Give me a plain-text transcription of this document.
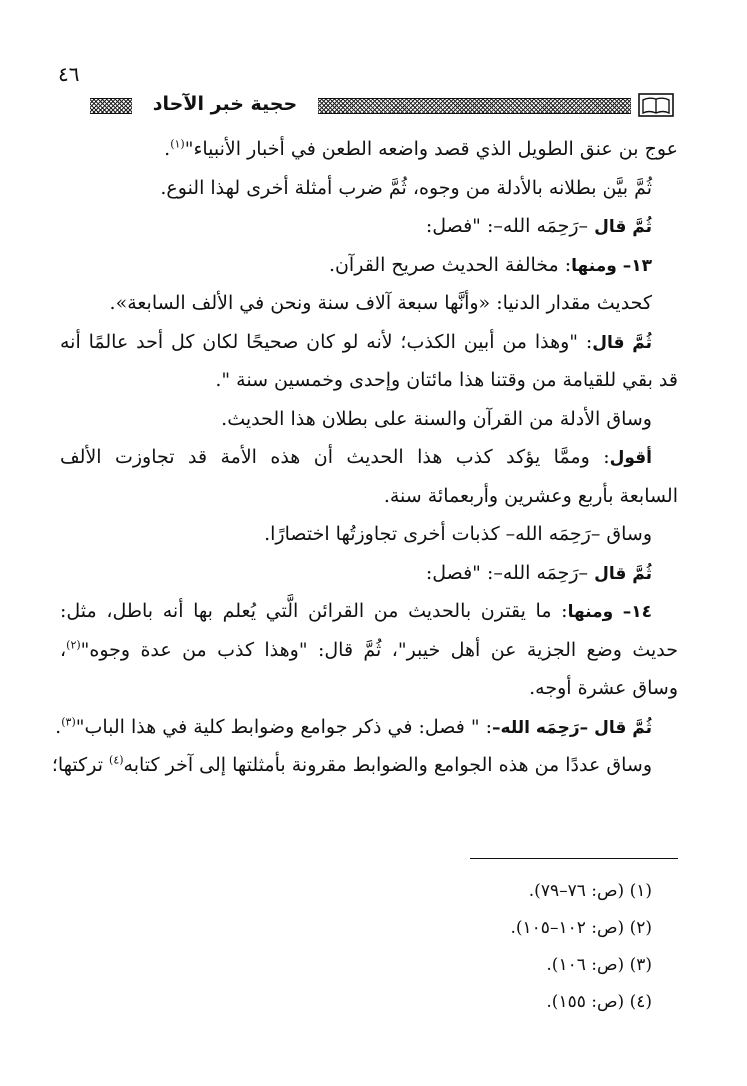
٤٦
حجية خبر الآحاد
عوج بن عنق الطويل الذي قصد واضعه الطعن في أخبار الأنبياء"$^{(١)}$.
ثُمَّ بيَّن بطلانه بالأدلة من وجوه، ثُمَّ ضرب أمثلة أخرى لهذا النوع.
ثُمَّ قال –رَحِمَه الله–: "فصل:
١٣– ومنها: مخالفة الحديث صريح القرآن.
كحديث مقدار الدنيا: «وأنَّها سبعة آلاف سنة ونحن في الألف السابعة».
ثُمَّ قال: "وهذا من أبين الكذب؛ لأنه لو كان صحيحًا لكان كل أحد عالمًا أنه
قد بقي للقيامة من وقتنا هذا مائتان وإحدى وخمسين سنة ".
وساق الأدلة من القرآن والسنة على بطلان هذا الحديث.
أقول: وممَّا يؤكد كذب هذا الحديث أن هذه الأمة قد تجاوزت الألف
السابعة بأربع وعشرين وأربعمائة سنة.
وساق –رَحِمَه الله– كذبات أخرى تجاوزتُها اختصارًا.
ثُمَّ قال –رَحِمَه الله–: "فصل:
١٤– ومنها: ما يقترن بالحديث من القرائن الَّتي يُعلم بها أنه باطل، مثل:
حديث وضع الجزية عن أهل خيبر"، ثُمَّ قال: "وهذا كذب من عدة وجوه"$^{(٢)}$،
وساق عشرة أوجه.
ثُمَّ قال –رَحِمَه الله–: " فصل: في ذكر جوامع وضوابط كلية في هذا الباب"$^{(٣)}$.
وساق عددًا من هذه الجوامع والضوابط مقرونة بأمثلتها إلى آخر كتابه$^{(٤)}$ تركتها؛
(١) (ص: ٧٦–٧٩).
(٢) (ص: ١٠٢–١٠٥).
(٣) (ص: ١٠٦).
(٤) (ص: ١٥٥).
